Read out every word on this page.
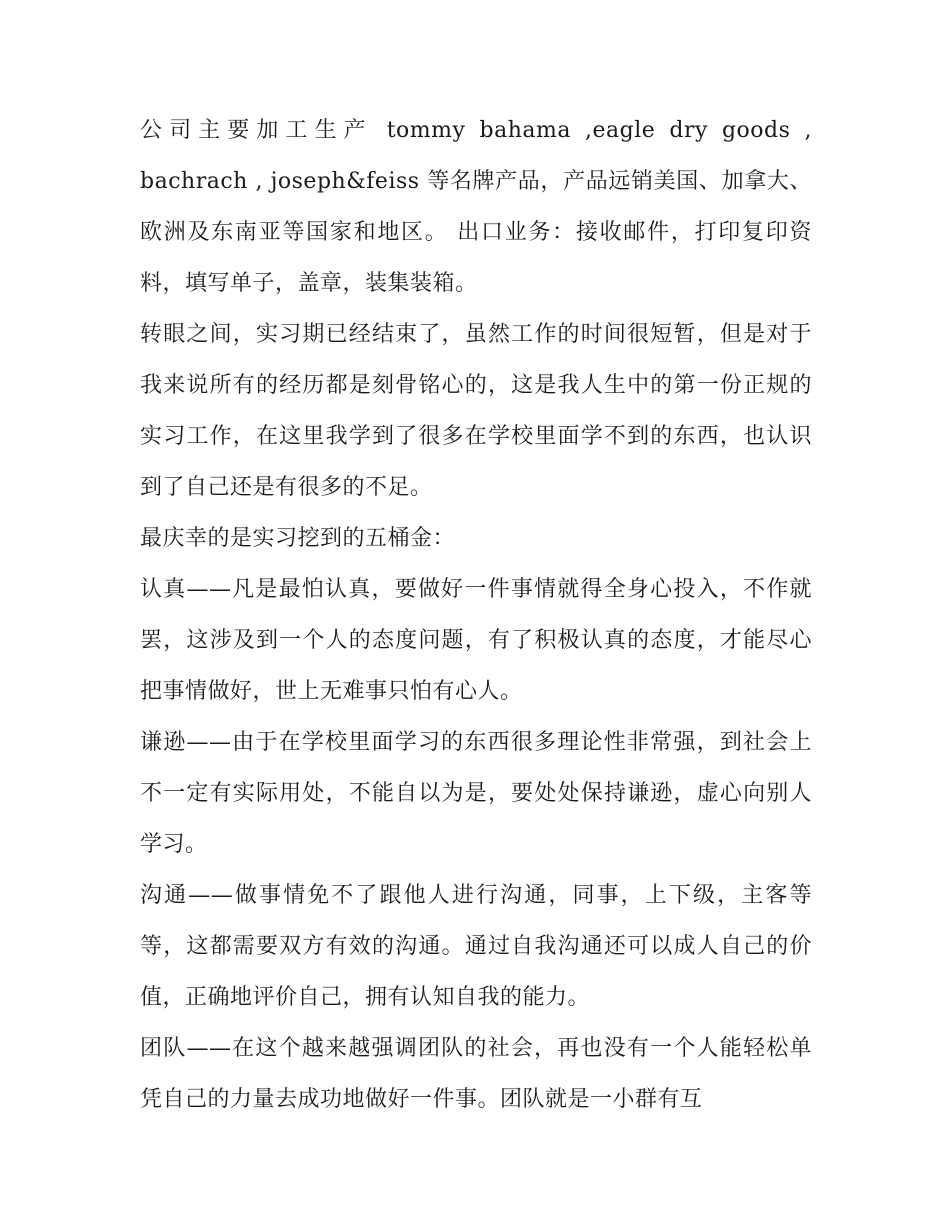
公司主要加工生产 tommy bahama ,eagle dry goods , bachrach , joseph&feiss 等名牌产品，产品远销美国、加拿大、欧洲及东南亚等国家和地区。 出口业务：接收邮件，打印复印资料，填写单子，盖章，装集装箱。

转眼之间，实习期已经结束了，虽然工作的时间很短暂，但是对于我来说所有的经历都是刻骨铭心的，这是我人生中的第一份正规的实习工作，在这里我学到了很多在学校里面学不到的东西，也认识到了自己还是有很多的不足。

最庆幸的是实习挖到的五桶金：

认真——凡是最怕认真，要做好一件事情就得全身心投入，不作就罢，这涉及到一个人的态度问题，有了积极认真的态度，才能尽心把事情做好，世上无难事只怕有心人。

谦逊——由于在学校里面学习的东西很多理论性非常强，到社会上不一定有实际用处，不能自以为是，要处处保持谦逊，虚心向别人学习。

沟通——做事情免不了跟他人进行沟通，同事，上下级，主客等等，这都需要双方有效的沟通。通过自我沟通还可以成人自己的价值，正确地评价自己，拥有认知自我的能力。

团队——在这个越来越强调团队的社会，再也没有一个人能轻松单凭自己的力量去成功地做好一件事。团队就是一小群有互
